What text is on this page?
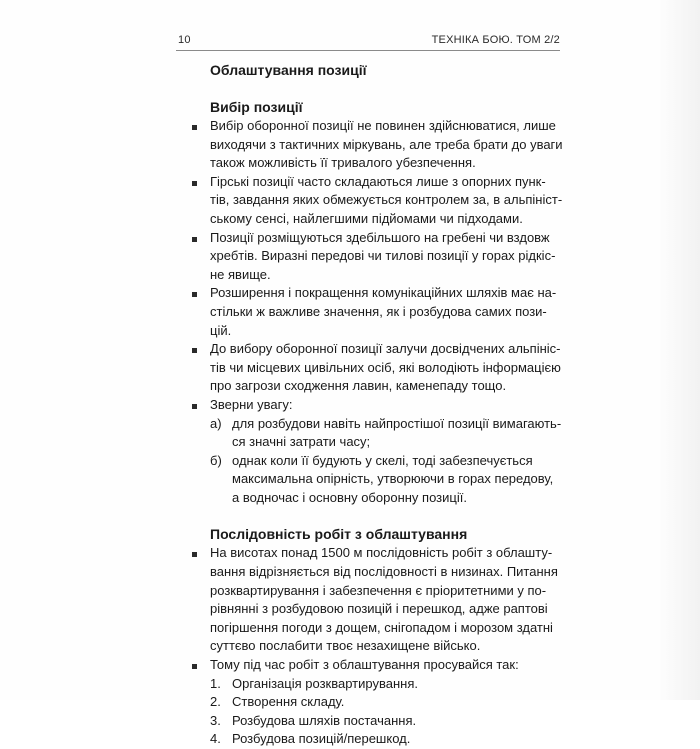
10	ТЕХНІКА БОЮ. ТОМ 2/2
Облаштування позиції
Вибір позиції

Вибір оборонної позиції не повинен здійснюватися, лише

виходячи з тактичних міркувань, але треба брати до уваги

також можливість її тривалого убезпечення.

Гірські позиції часто складаються лише з опорних пунк-

тів, завдання яких обмежується контролем за, в альпініст-

ському сенсі, найлегшими підйомами чи підходами.

Позиції розміщуються здебільшого на гребені чи вздовж

хребтів. Виразні передові чи тилові позиції у горах рідкіс-

не явище.

Розширення і покращення комунікаційних шляхів має на-

стільки ж важливе значення, як і розбудова самих пози-

цій.

До вибору оборонної позиції залучи досвідчених альпініс-

тів чи місцевих цивільних осіб, які володіють інформацією

про загрози сходження лавин, каменепаду тощо.

Зверни увагу:

а) для розбудови навіть найпростішої позиції вимагають-

ся значні затрати часу;

б) однак коли її будують у скелі, тоді забезпечується

максимальна опірність, утворюючи в горах передову,

а водночас і основну оборонну позиції.

Послідовність робіт з облаштування

На висотах понад 1500 м послідовність робіт з облашту-

вання відрізняється від послідовності в низинах. Питання

розквартирування і забезпечення є пріоритетними у по-

рівнянні з розбудовою позицій і перешкод, адже раптові

погіршення погоди з дощем, снігопадом і морозом здатні

суттєво послабити твоє незахищене військо.

Тому під час робіт з облаштування просувайся так:

1. Організація розквартирування.

2. Створення складу.

3. Розбудова шляхів постачання.

4. Розбудова позицій/перешкод.
